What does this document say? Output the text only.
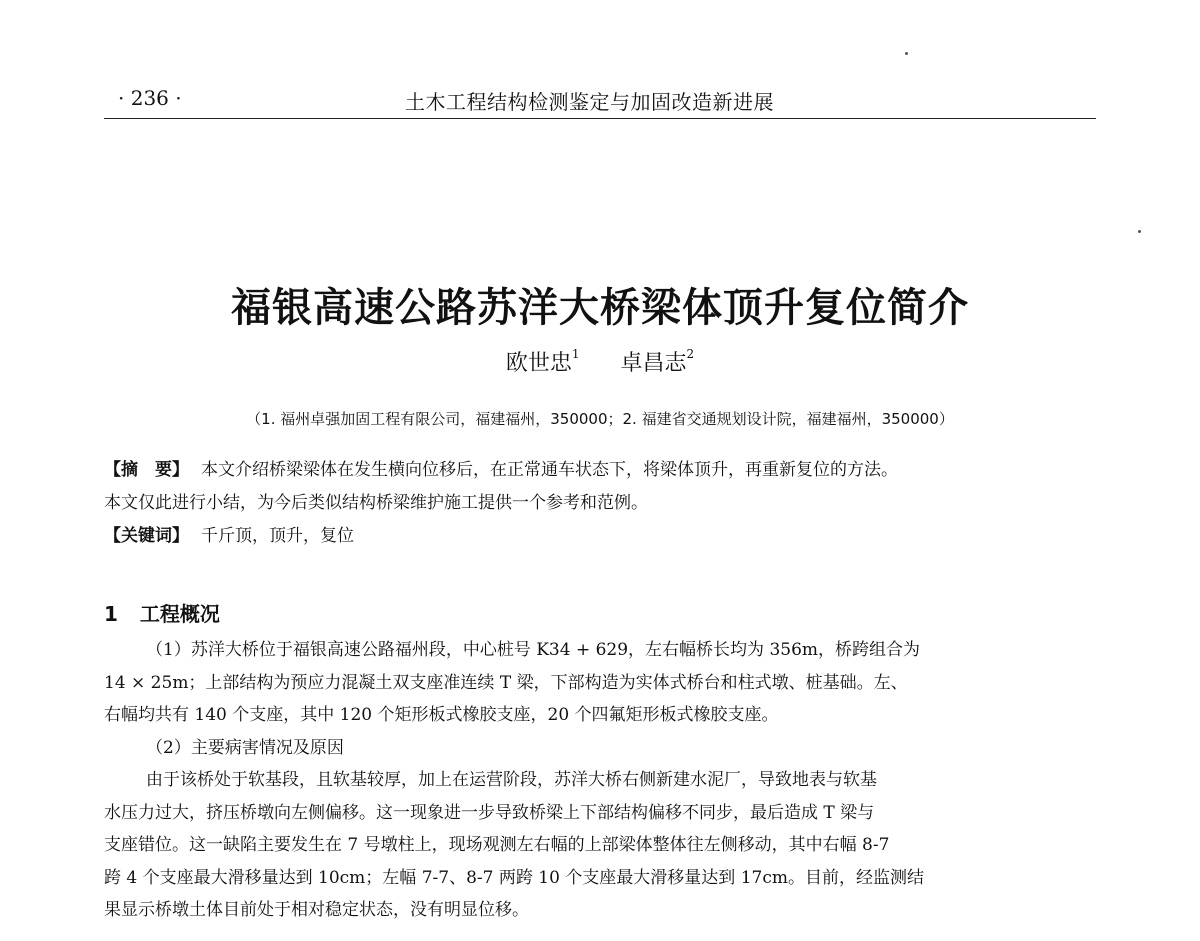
· 236 ·	土木工程结构检测鉴定与加固改造新进展
福银高速公路苏洋大桥梁体顶升复位简介
欧世忠$^1$ 卓昌志$^2$
（1. 福州卓强加固工程有限公司，福建福州，350000；2. 福建省交通规划设计院，福建福州，350000）
【摘　要】 本文介绍桥梁梁体在发生横向位移后，在正常通车状态下，将梁体顶升，再重新复位的方法。
本文仅此进行小结，为今后类似结构桥梁维护施工提供一个参考和范例。
【关键词】 千斤顶，顶升，复位
1 工程概况
（1）苏洋大桥位于福银高速公路福州段，中心桩号 K34 + 629，左右幅桥长均为 356m，桥跨组合为
14 × 25m；上部结构为预应力混凝土双支座准连续 T 梁，下部构造为实体式桥台和柱式墩、桩基础。左、
右幅均共有 140 个支座，其中 120 个矩形板式橡胶支座，20 个四氟矩形板式橡胶支座。
（2）主要病害情况及原因
由于该桥处于软基段，且软基较厚，加上在运营阶段，苏洋大桥右侧新建水泥厂，导致地表与软基
水压力过大，挤压桥墩向左侧偏移。这一现象进一步导致桥梁上下部结构偏移不同步，最后造成 T 梁与
支座错位。这一缺陷主要发生在 7 号墩柱上，现场观测左右幅的上部梁体整体往左侧移动，其中右幅 8-7
跨 4 个支座最大滑移量达到 10cm；左幅 7-7、8-7 两跨 10 个支座最大滑移量达到 17cm。目前，经监测结
果显示桥墩土体目前处于相对稳定状态，没有明显位移。
